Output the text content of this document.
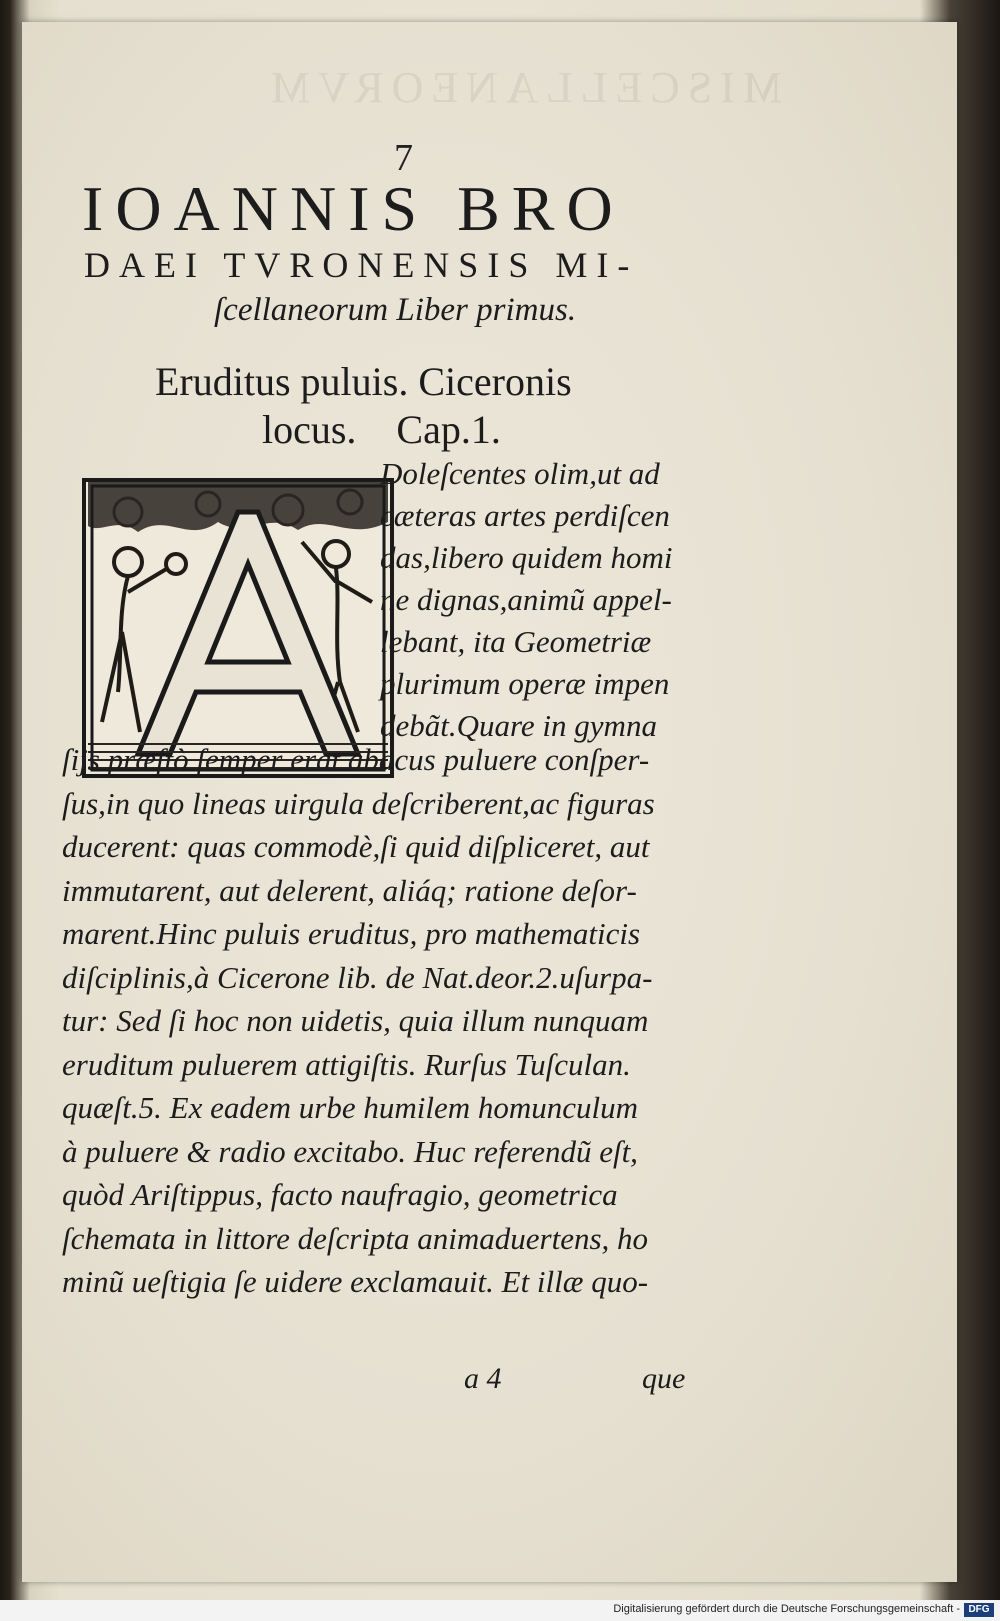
MISCELLANEORVM
7
IOANNIS BRO
DAEI TVRONENSIS MI-
ſcellaneorum Liber primus.
Eruditus puluis. Ciceronis
locus.    Cap.1.
Doleſcentes olim,ut ad
cæteras artes perdiſcen
das,libero quidem homi
ne dignas,animũ appel-
lebant, ita Geometriæ
plurimum operæ impen
debãt.Quare in gymna
ſijs præſtò ſemper erat abacus puluere conſper-
ſus,in quo lineas uirgula deſcriberent,ac figuras
ducerent: quas commodè,ſi quid diſpliceret, aut
immutarent, aut delerent, aliáq; ratione deſor-
marent.Hinc puluis eruditus, pro mathematicis
diſciplinis,à Cicerone lib. de Nat.deor.2.uſurpa-
tur: Sed ſi hoc non uidetis, quia illum nunquam
eruditum puluerem attigiſtis. Rurſus Tuſculan.
quæſt.5. Ex eadem urbe humilem homunculum
à puluere & radio excitabo. Huc referendũ eſt,
quòd Ariſtippus, facto naufragio, geometrica
ſchemata in littore deſcripta animaduertens, ho
minũ ueſtigia ſe uidere exclamauit. Et illæ quo-
a 4	que
Digitalisierung gefördert durch die Deutsche Forschungsgemeinschaft - DFG
